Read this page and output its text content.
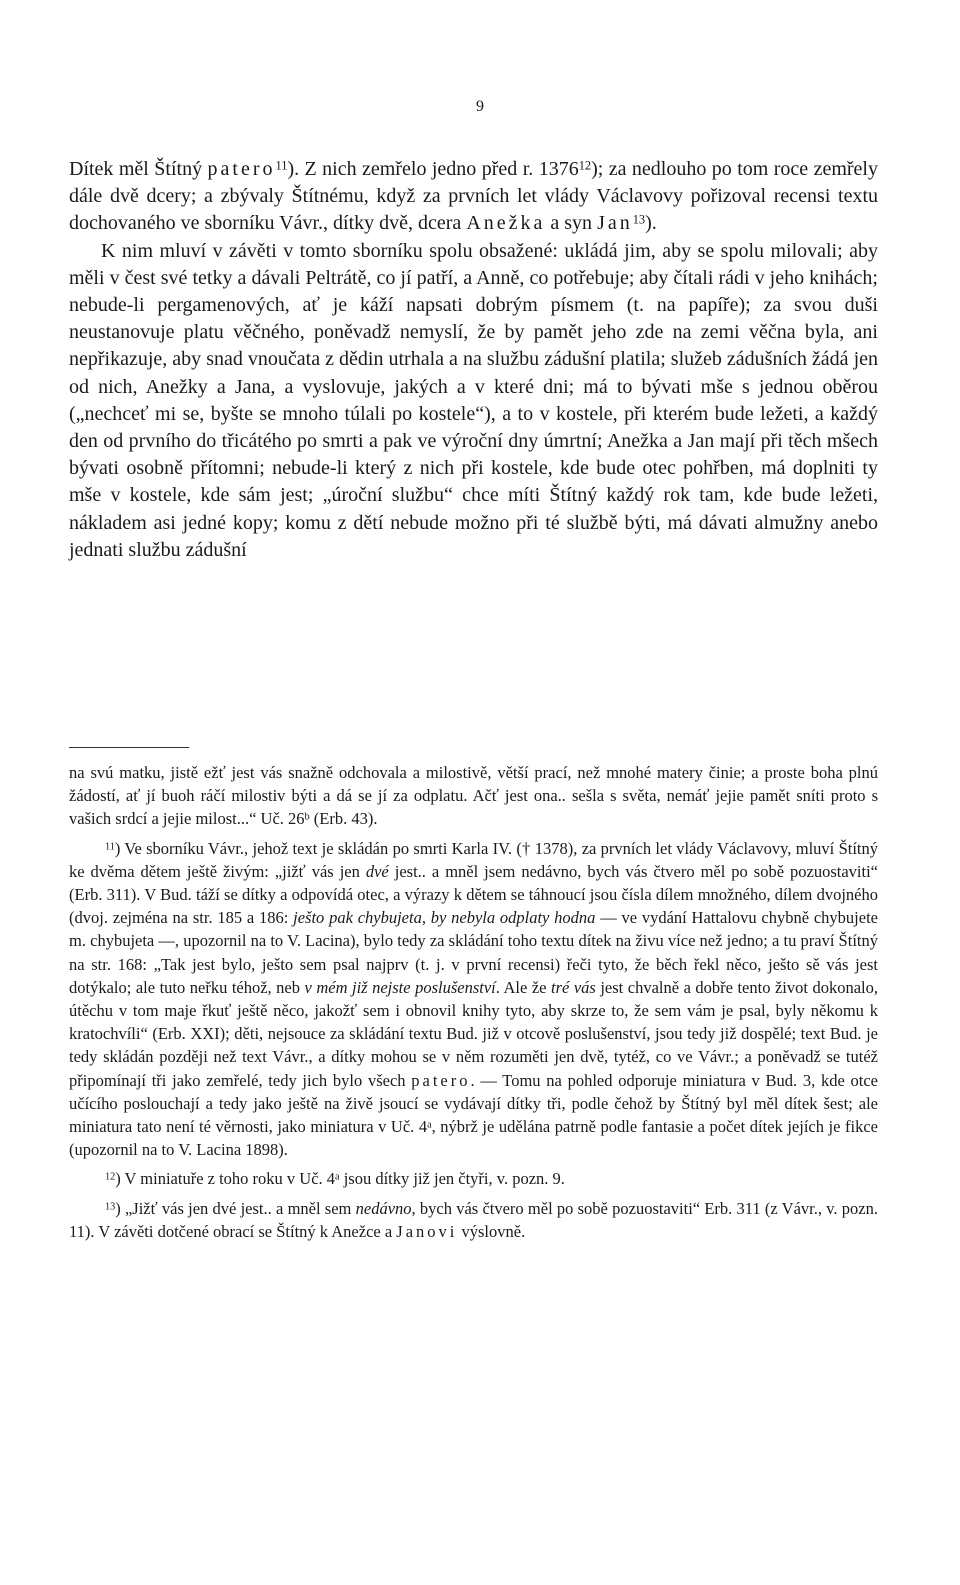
9

Dítek měl Štítný patero$^{11}$). Z nich zemřelo jedno před r. 1376$^{12}$); za nedlouho po tom roce zemřely dále dvě dcery; a zbývaly Štítnému, když za prvních let vlády Václavovy pořizoval recensi textu dochovaného ve sborníku Vávr., dítky dvě, dcera Anežka a syn Jan$^{13}$).

K nim mluví v závěti v tomto sborníku spolu obsažené: ukládá jim, aby se spolu milovali; aby měli v čest své tetky a dávali Peltrátě, co jí patří, a Anně, co potřebuje; aby čítali rádi v jeho knihách; nebude-li pergamenových, ať je káží napsati dobrým písmem (t. na papíře); za svou duši neustanovuje platu věčného, poněvadž nemyslí, že by pamět jeho zde na zemi věčna byla, ani nepřikazuje, aby snad vnoučata z dědin utrhala a na službu zádušní platila; služeb zádušních žádá jen od nich, Anežky a Jana, a vyslovuje, jakých a v které dni; má to bývati mše s jednou oběrou („nechceť mi se, byšte se mnoho túlali po kostele“), a to v kostele, při kterém bude ležeti, a každý den od prvního do třicátého po smrti a pak ve výroční dny úmrtní; Anežka a Jan mají při těch mšech bývati osobně přítomni; nebude-li který z nich při kostele, kde bude otec pohřben, má doplniti ty mše v kostele, kde sám jest; „úroční službu“ chce míti Štítný každý rok tam, kde bude ležeti, nákladem asi jedné kopy; komu z dětí nebude možno při té službě býti, má dávati almužny anebo jednati službu zádušní

na svú matku, jistě ežť jest vás snažně odchovala a milostivě, větší prací, než mnohé matery činie; a proste boha plnú žádostí, ať jí buoh ráčí milostiv býti a dá se jí za odplatu. Ačť jest ona.. sešla s světa, nemáť jejie pamět sníti proto s vašich srdcí a jejie milost...“ Uč. 26$^b$ (Erb. 43).

$^{11}$) Ve sborníku Vávr., jehož text je skládán po smrti Karla IV. († 1378), za prvních let vlády Václavovy, mluví Štítný ke dvěma dětem ještě živým: „jižť vás jen dvé jest.. a mněl jsem nedávno, bych vás čtvero měl po sobě pozuostaviti“ (Erb. 311). V Bud. táží se dítky a odpovídá otec, a výrazy k dětem se táhnoucí jsou čísla dílem množného, dílem dvojného (dvoj. zejména na str. 185 a 186: ješto pak chybujeta, by nebyla odplaty hodna — ve vydání Hattalovu chybně chybujete m. chybujeta —, upozornil na to V. Lacina), bylo tedy za skládání toho textu dítek na živu více než jedno; a tu praví Štítný na str. 168: „Tak jest bylo, ješto sem psal najprv (t. j. v první recensi) řeči tyto, že běch řekl něco, ješto sě vás jest dotýkalo; ale tuto neřku téhož, neb v mém již nejste poslušenství. Ale že tré vás jest chvalně a dobře tento život dokonalo, útěchu v tom maje řkuť ještě něco, jakožť sem i obnovil knihy tyto, aby skrze to, že sem vám je psal, byly někomu k kratochvíli“ (Erb. XXI); děti, nejsouce za skládání textu Bud. již v otcově poslušenství, jsou tedy již dospělé; text Bud. je tedy skládán později než text Vávr., a dítky mohou se v něm rozuměti jen dvě, tytéž, co ve Vávr.; a poněvadž se tutéž připomínají tři jako zemřelé, tedy jich bylo všech patero. — Tomu na pohled odporuje miniatura v Bud. 3, kde otce učícího poslouchají a tedy jako ještě na živě jsoucí se vydávají dítky tři, podle čehož by Štítný byl měl dítek šest; ale miniatura tato není té věrnosti, jako miniatura v Uč. 4$^a$, nýbrž je udělána patrně podle fantasie a počet dítek jejích je fikce (upozornil na to V. Lacina 1898).

$^{12}$) V miniatuře z toho roku v Uč. 4$^a$ jsou dítky již jen čtyři, v. pozn. 9.

$^{13}$) „Jižť vás jen dvé jest.. a mněl sem nedávno, bych vás čtvero měl po sobě pozuostaviti“ Erb. 311 (z Vávr., v. pozn. 11). V závěti dotčené obrací se Štítný k Anežce a Janovi výslovně.
